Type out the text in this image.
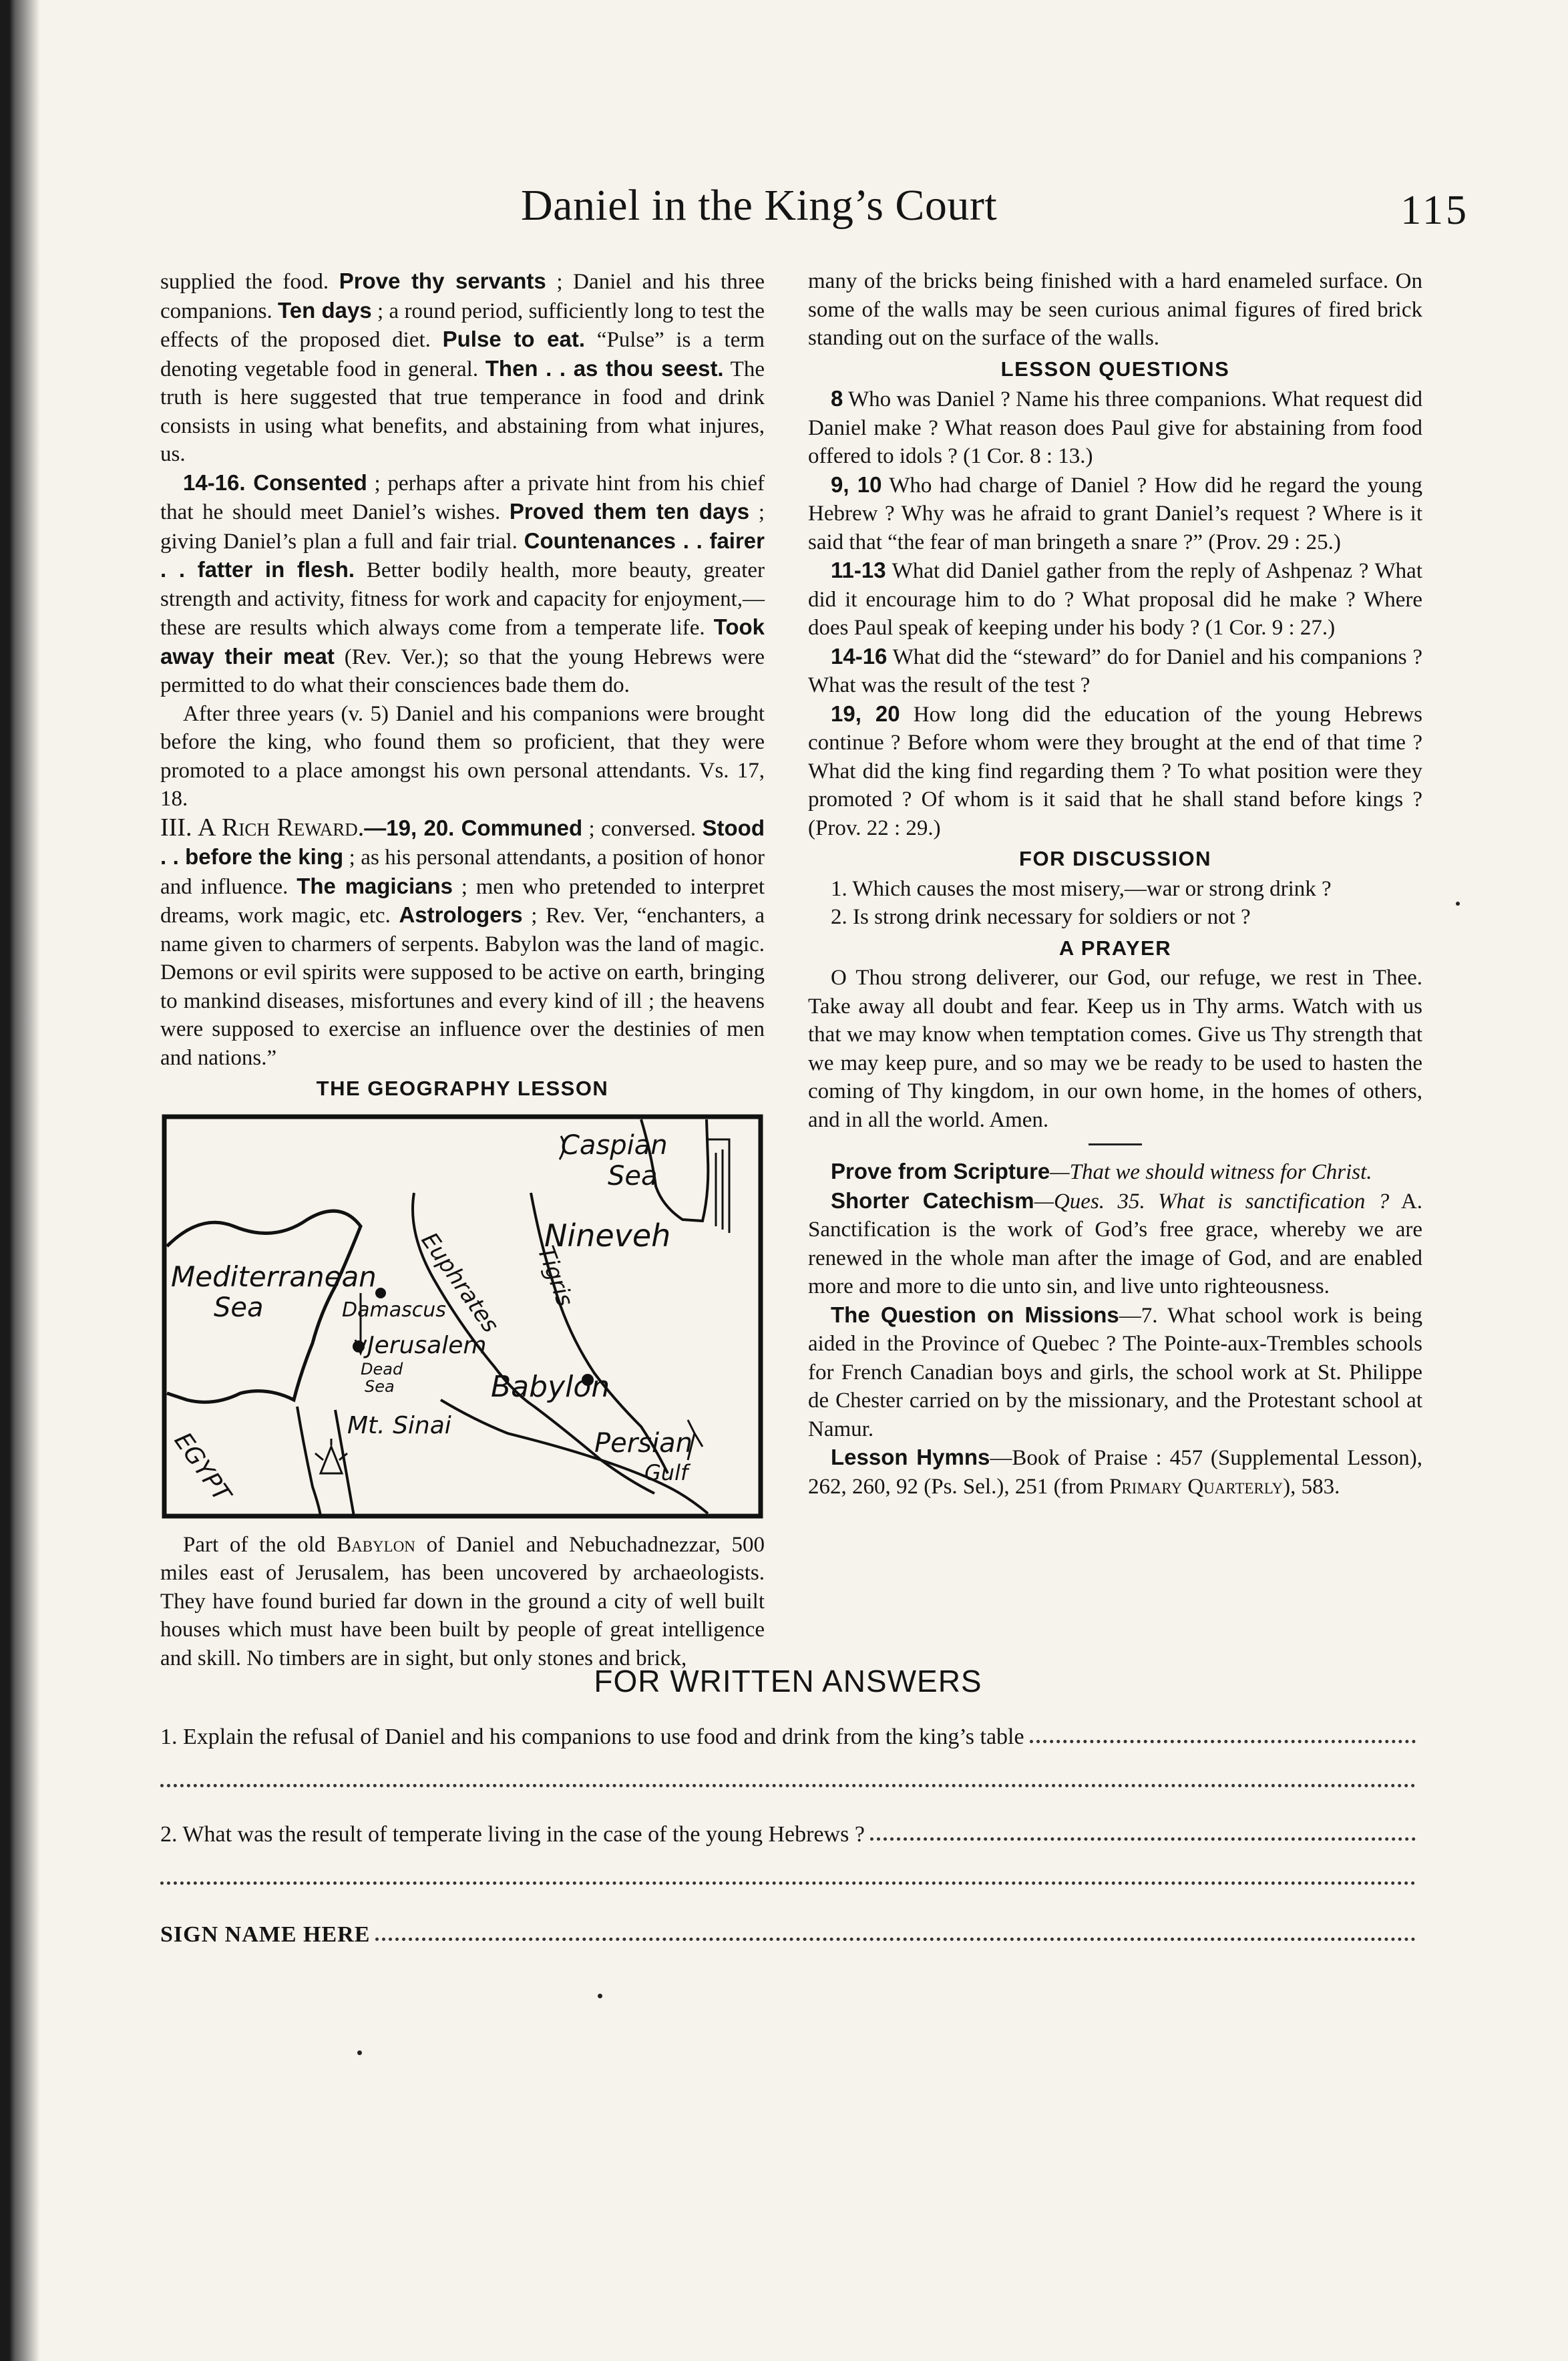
Daniel in the King’s Court	115

supplied the food. Prove thy servants ; Daniel and his three companions. Ten days ; a round period, sufficiently long to test the effects of the proposed diet. Pulse to eat. “Pulse” is a term denoting vegetable food in general. Then . . as thou seest. The truth is here suggested that true temperance in food and drink consists in using what benefits, and abstaining from what injures, us.

14-16. Consented ; perhaps after a private hint from his chief that he should meet Daniel’s wishes. Proved them ten days ; giving Daniel’s plan a full and fair trial. Countenances . . fairer . . fatter in flesh. Better bodily health, more beauty, greater strength and activity, fitness for work and capacity for enjoyment,—these are results which always come from a temperate life. Took away their meat (Rev. Ver.); so that the young Hebrews were permitted to do what their consciences bade them do.

After three years (v. 5) Daniel and his companions were brought before the king, who found them so proficient, that they were promoted to a place amongst his own personal attendants. Vs. 17, 18.

III. A Rich Reward.—19, 20. Communed ; conversed. Stood . . before the king ; as his personal attendants, a position of honor and influence. The magicians ; men who pretended to interpret dreams, work magic, etc. Astrologers ; Rev. Ver, “enchanters, a name given to charmers of serpents. Babylon was the land of magic. Demons or evil spirits were supposed to be active on earth, bringing to mankind diseases, misfortunes and every kind of ill ; the heavens were supposed to exercise an influence over the destinies of men and nations.”

THE GEOGRAPHY LESSON
Caspian
Sea
Nineveh
Mediterranean
Sea	Tigris
Euphrates
Damascus
Jerusalem
Dead
Sea	Babylon
EGYPT
Mt. Sinai
Persian
Gulf

Part of the old Babylon of Daniel and Nebuchadnezzar, 500 miles east of Jerusalem, has been uncovered by archaeologists. They have found buried far down in the ground a city of well built houses which must have been built by people of great intelligence and skill. No timbers are in sight, but only stones and brick,

many of the bricks being finished with a hard enameled surface. On some of the walls may be seen curious animal figures of fired brick standing out on the surface of the walls.

LESSON QUESTIONS

8 Who was Daniel ? Name his three companions. What request did Daniel make ? What reason does Paul give for abstaining from food offered to idols ? (1 Cor. 8 : 13.)

9, 10 Who had charge of Daniel ? How did he regard the young Hebrew ? Why was he afraid to grant Daniel’s request ? Where is it said that “the fear of man bringeth a snare ?” (Prov. 29 : 25.)

11-13 What did Daniel gather from the reply of Ashpenaz ? What did it encourage him to do ? What proposal did he make ? Where does Paul speak of keeping under his body ? (1 Cor. 9 : 27.)

14-16 What did the “steward” do for Daniel and his companions ? What was the result of the test ?

19, 20 How long did the education of the young Hebrews continue ? Before whom were they brought at the end of that time ? What did the king find regarding them ? To what position were they promoted ? Of whom is it said that he shall stand before kings ? (Prov. 22 : 29.)

FOR DISCUSSION

1. Which causes the most misery,—war or strong drink ?

2. Is strong drink necessary for soldiers or not ?

A PRAYER

O Thou strong deliverer, our God, our refuge, we rest in Thee. Take away all doubt and fear. Keep us in Thy arms. Watch with us that we may know when temptation comes. Give us Thy strength that we may keep pure, and so may we be ready to be used to hasten the coming of Thy kingdom, in our own home, in the homes of others, and in all the world. Amen.

Prove from Scripture—That we should witness for Christ.

Shorter Catechism—Ques. 35. What is sanctification ? A. Sanctification is the work of God’s free grace, whereby we are renewed in the whole man after the image of God, and are enabled more and more to die unto sin, and live unto righteousness.

The Question on Missions—7. What school work is being aided in the Province of Quebec ? The Pointe-aux-Trembles schools for French Canadian boys and girls, the school work at St. Philippe de Chester carried on by the missionary, and the Protestant school at Namur.

Lesson Hymns—Book of Praise : 457 (Supplemental Lesson), 262, 260, 92 (Ps. Sel.), 251 (from Primary Quarterly), 583.

FOR WRITTEN ANSWERS
1. Explain the refusal of Daniel and his companions to use food and drink from the king’s table
2. What was the result of temperate living in the case of the young Hebrews ?
SIGN NAME HERE
